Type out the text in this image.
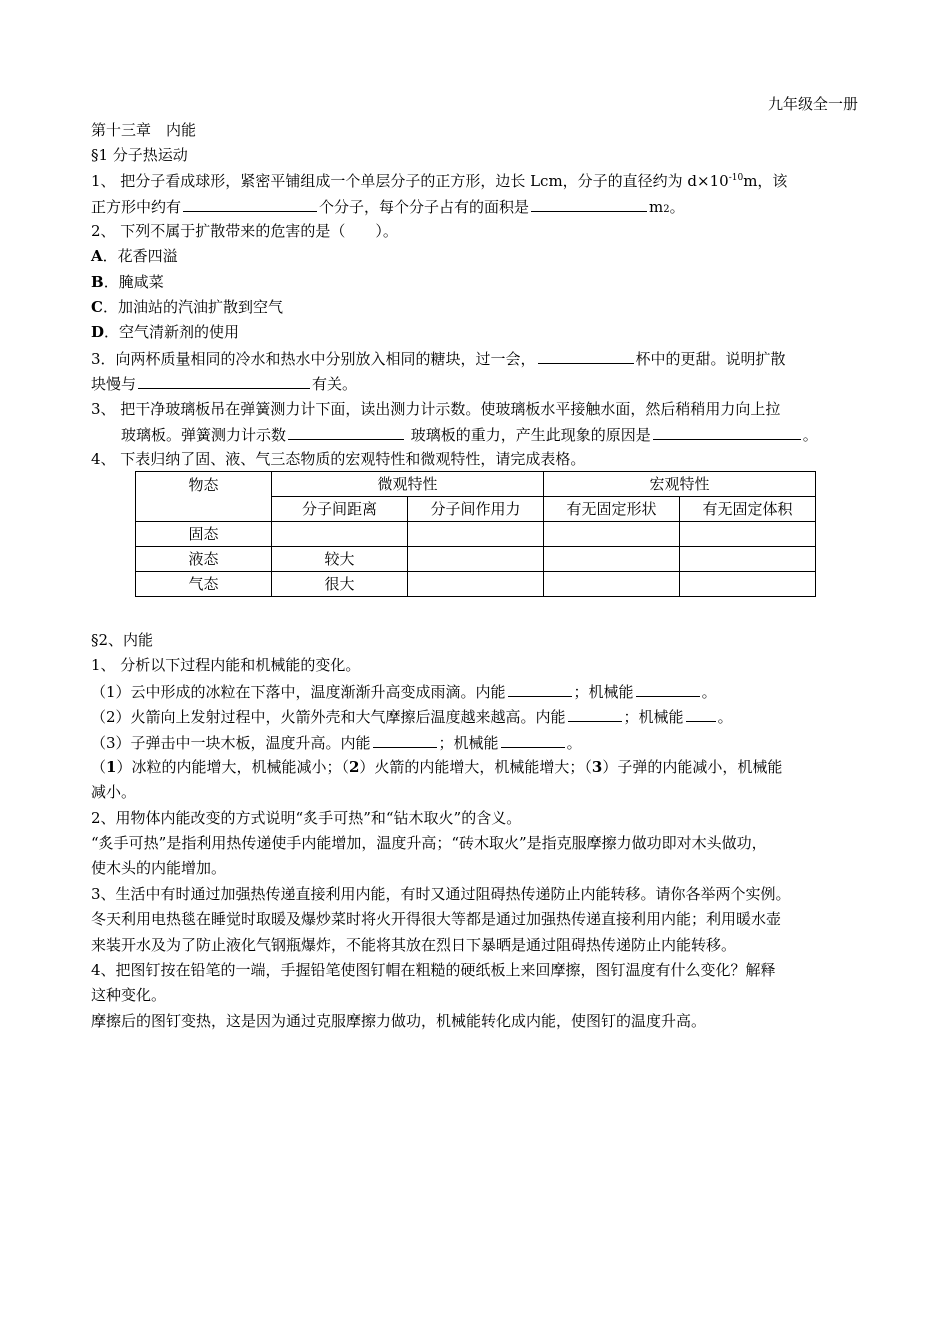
九年级全一册
第十三章　内能
§1 分子热运动
1、 把分子看成球形，紧密平铺组成一个单层分子的正方形，边长 Lcm，分子的直径约为 $d\times 10^{-10}m$，该
正方形中约有	个分子，每个分子占有的面积是	m2。
2、 下列不属于扩散带来的危害的是（　　）。
A．花香四溢
B．腌咸菜
C．加油站的汽油扩散到空气
D．空气清新剂的使用
3．向两杯质量相同的冷水和热水中分别放入相同的糖块，过一会，	杯中的更甜。说明扩散
块慢与	有关。
3、 把干净玻璃板吊在弹簧测力计下面，读出测力计示数。使玻璃板水平接触水面，然后稍稍用力向上拉
玻璃板。弹簧测力计示数	玻璃板的重力，产生此现象的原因是	。
4、 下表归纳了固、液、气三态物质的宏观特性和微观特性，请完成表格。
物态	微观特性		宏观特性	
	分子间距离	分子间作用力	有无固定形状	有无固定体积
固态				
液态	较大			
气态	很大			
§2、内能
1、 分析以下过程内能和机械能的变化。
（1）云中形成的冰粒在下落中，温度渐渐升高变成雨滴。内能	；机械能	。
（2）火箭向上发射过程中，火箭外壳和大气摩擦后温度越来越高。内能	；机械能 。
（3）子弹击中一块木板，温度升高。内能	；机械能	。
（1）冰粒的内能增大，机械能减小；（2）火箭的内能增大，机械能增大；（3）子弹的内能减小，机械能
减小。
2、用物体内能改变的方式说明“炙手可热”和“钻木取火”的含义。
“炙手可热”是指利用热传递使手内能增加，温度升高；“砖木取火”是指克服摩擦力做功即对木头做功，
使木头的内能增加。
3、生活中有时通过加强热传递直接利用内能，有时又通过阻碍热传递防止内能转移。请你各举两个实例。
冬天利用电热毯在睡觉时取暖及爆炒菜时将火开得很大等都是通过加强热传递直接利用内能；利用暖水壶
来装开水及为了防止液化气钢瓶爆炸，不能将其放在烈日下暴晒是通过阻碍热传递防止内能转移。
4、把图钉按在铅笔的一端，手握铅笔使图钉帽在粗糙的硬纸板上来回摩擦，图钉温度有什么变化？解释
这种变化。
摩擦后的图钉变热，这是因为通过克服摩擦力做功，机械能转化成内能，使图钉的温度升高。
